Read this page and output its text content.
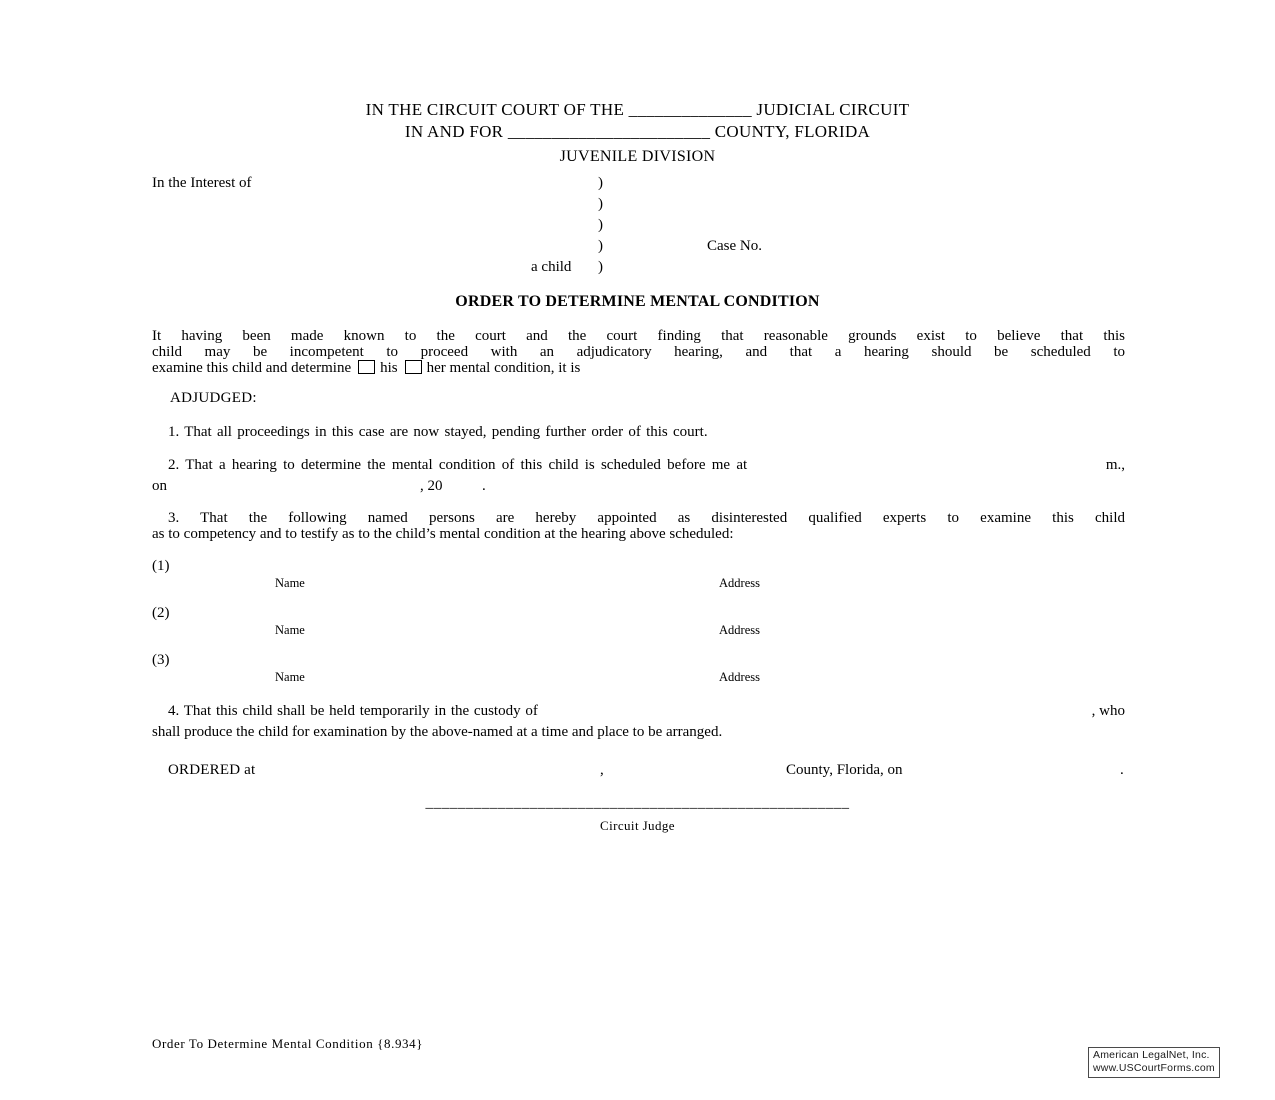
IN THE CIRCUIT COURT OF THE ______________ JUDICIAL CIRCUIT
IN AND FOR _______________________ COUNTY, FLORIDA
JUVENILE DIVISION
In the Interest of	)
)
)
)	Case No.
a child )
ORDER TO DETERMINE MENTAL CONDITION
It having been made known to the court and the court finding that reasonable grounds exist to believe that this
child may be incompetent to proceed with an adjudicatory hearing, and that a hearing should be scheduled to
examine this child and determine his her mental condition, it is
ADJUDGED:
1. That all proceedings in this case are now stayed, pending further order of this court.
2. That a hearing to determine the mental condition of this child is scheduled before me at	m.,
on	, 20	.
3. That the following named persons are hereby appointed as disinterested qualified experts to examine this child
as to competency and to testify as to the child’s mental condition at the hearing above scheduled:
(1)
Name	Address
(2)
Name	Address
(3)
Name	Address
4. That this child shall be held temporarily in the custody of	, who
shall produce the child for examination by the above-named at a time and place to be arranged.
ORDERED at	,	County, Florida, on	.
_____________________________________________________
Circuit Judge
Order To Determine Mental Condition {8.934}
American LegalNet, Inc.
www.USCourtForms.com
